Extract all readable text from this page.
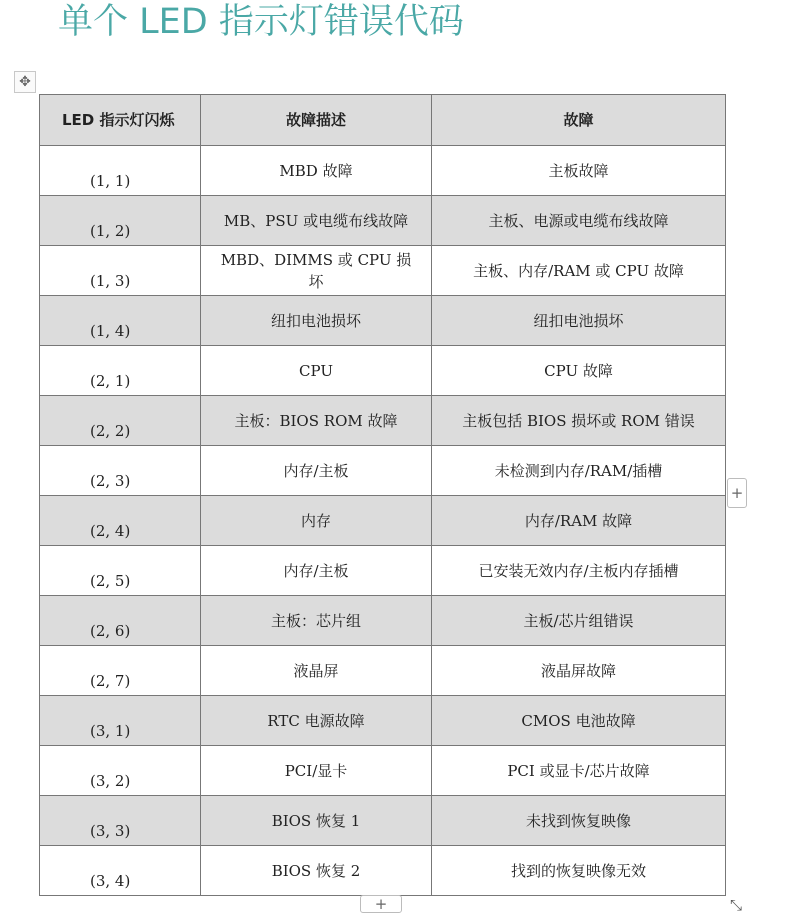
单个 LED 指示灯错误代码
✥
LED 指示灯闪烁	故障描述	故障
(1, 1)	MBD 故障	主板故障
(1, 2)	MB、PSU 或电缆布线故障	主板、电源或电缆布线故障
(1, 3)	MBD、DIMMS 或 CPU 损坏	主板、内存/RAM 或 CPU 故障
(1, 4)	纽扣电池损坏	纽扣电池损坏
(2, 1)	CPU	CPU 故障
(2, 2)	主板：BIOS ROM 故障	主板包括 BIOS 损坏或 ROM 错误
(2, 3)	内存/主板	未检测到内存/RAM/插槽
(2, 4)	内存	内存/RAM 故障
(2, 5)	内存/主板	已安装无效内存/主板内存插槽
(2, 6)	主板：芯片组	主板/芯片组错误
(2, 7)	液晶屏	液晶屏故障
(3, 1)	RTC 电源故障	CMOS 电池故障
(3, 2)	PCI/显卡	PCI 或显卡/芯片故障
(3, 3)	BIOS 恢复 1	未找到恢复映像
(3, 4)	BIOS 恢复 2	找到的恢复映像无效
+
+	⤡
